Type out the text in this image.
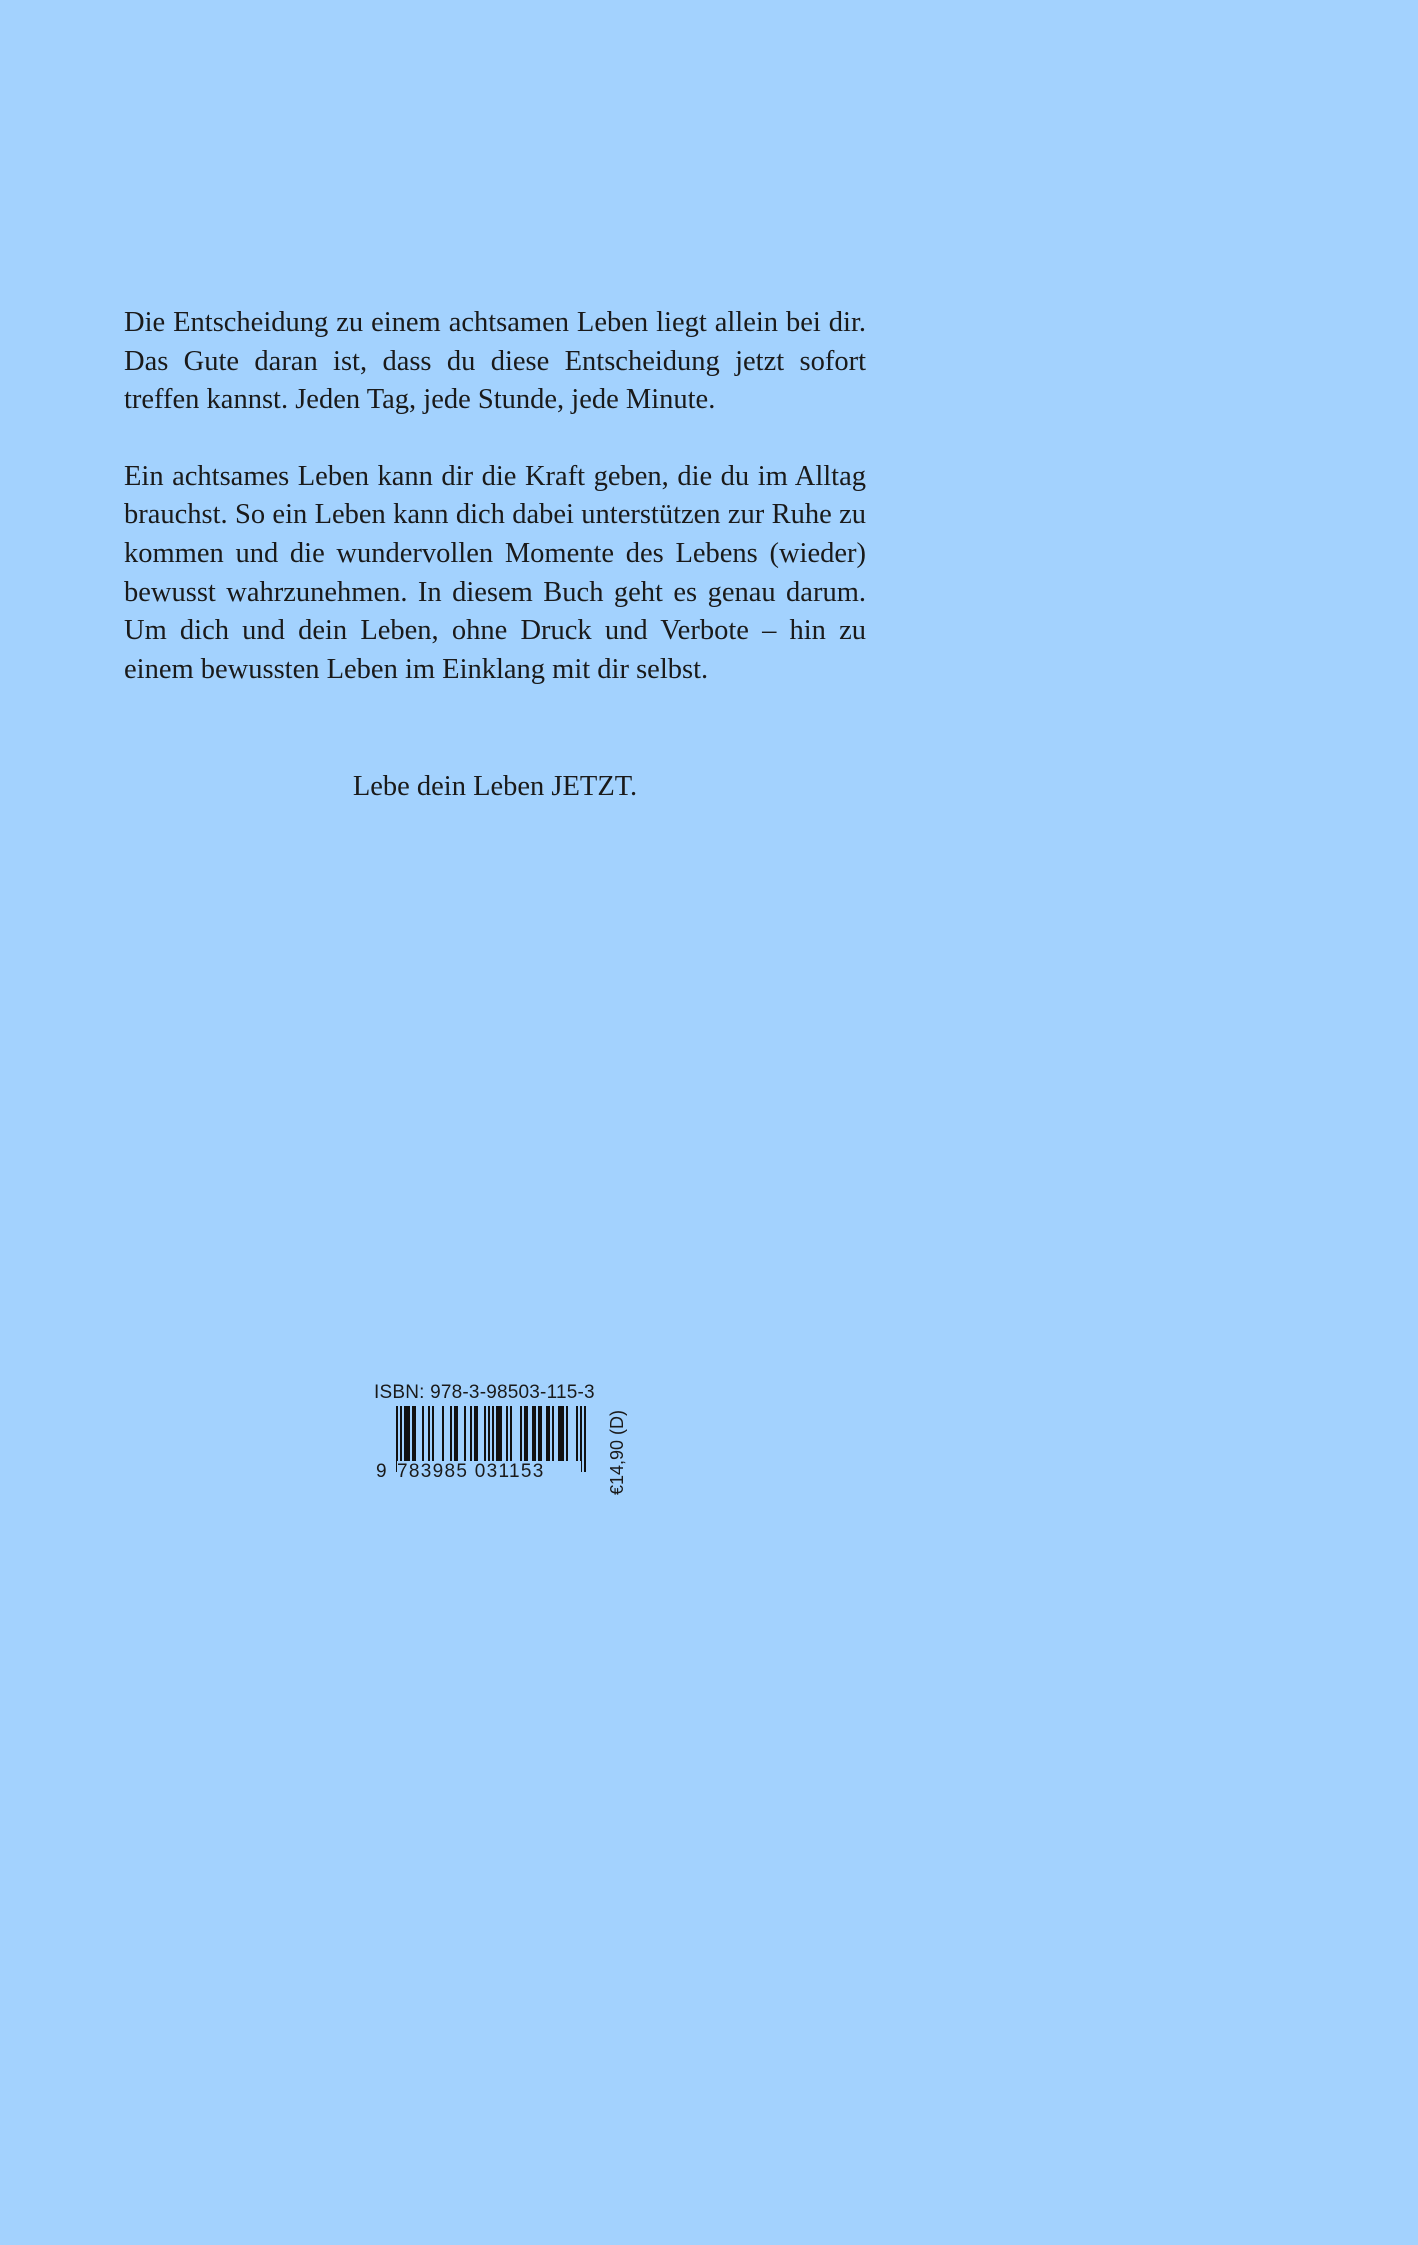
Die Entscheidung zu einem achtsamen Leben liegt allein bei dir. Das Gute daran ist, dass du diese Entscheidung jetzt sofort treffen kannst. Jeden Tag, jede Stunde, jede Minute.

Ein achtsames Leben kann dir die Kraft geben, die du im Alltag brauchst. So ein Leben kann dich dabei unterstützen zur Ruhe zu kommen und die wundervollen Momente des Lebens (wieder) bewusst wahrzunehmen. In diesem Buch geht es genau darum. Um dich und dein Leben, ohne Druck und Verbote – hin zu einem bewussten Leben im Einklang mit dir selbst.

Lebe dein Leben JETZT.
ISBN: 978-3-98503-115-3
9 783985 031153	€14,90 (D)
